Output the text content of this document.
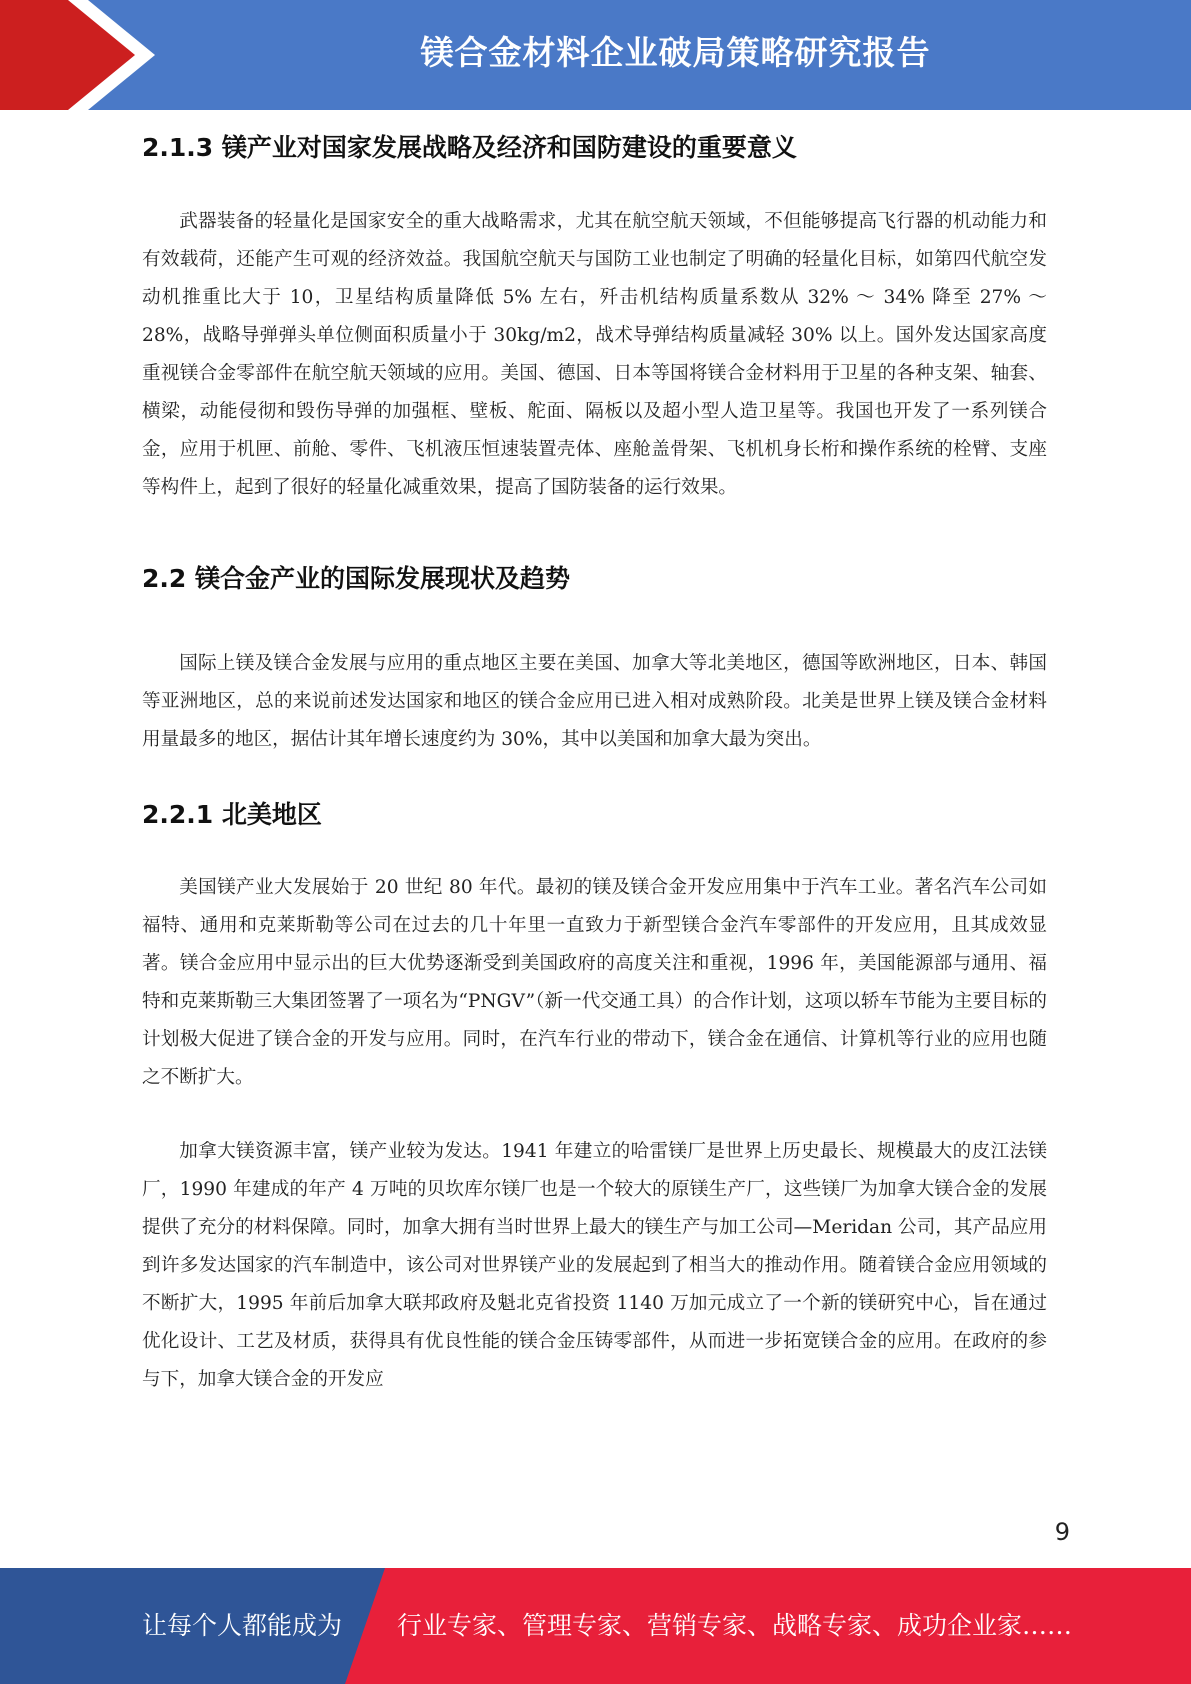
镁合金材料企业破局策略研究报告
2.1.3 镁产业对国家发展战略及经济和国防建设的重要意义

武器装备的轻量化是国家安全的重大战略需求，尤其在航空航天领域，不但能够提高飞行器的机动能力和有效载荷，还能产生可观的经济效益。我国航空航天与国防工业也制定了明确的轻量化目标，如第四代航空发动机推重比大于 10，卫星结构质量降低 5% 左右，歼击机结构质量系数从 32% ～ 34% 降至 27% ～ 28%，战略导弹弹头单位侧面积质量小于 30kg/m2，战术导弹结构质量减轻 30% 以上。国外发达国家高度重视镁合金零部件在航空航天领域的应用。美国、德国、日本等国将镁合金材料用于卫星的各种支架、轴套、横梁，动能侵彻和毁伤导弹的加强框、壁板、舵面、隔板以及超小型人造卫星等。我国也开发了一系列镁合金，应用于机匣、前舱、零件、飞机液压恒速装置壳体、座舱盖骨架、飞机机身长桁和操作系统的栓臂、支座等构件上，起到了很好的轻量化减重效果，提高了国防装备的运行效果。

2.2 镁合金产业的国际发展现状及趋势

国际上镁及镁合金发展与应用的重点地区主要在美国、加拿大等北美地区，德国等欧洲地区，日本、韩国等亚洲地区，总的来说前述发达国家和地区的镁合金应用已进入相对成熟阶段。北美是世界上镁及镁合金材料用量最多的地区，据估计其年增长速度约为 30%，其中以美国和加拿大最为突出。

2.2.1 北美地区

美国镁产业大发展始于 20 世纪 80 年代。最初的镁及镁合金开发应用集中于汽车工业。著名汽车公司如福特、通用和克莱斯勒等公司在过去的几十年里一直致力于新型镁合金汽车零部件的开发应用，且其成效显著。镁合金应用中显示出的巨大优势逐渐受到美国政府的高度关注和重视，1996 年，美国能源部与通用、福特和克莱斯勒三大集团签署了一项名为“PNGV”（新一代交通工具）的合作计划，这项以轿车节能为主要目标的计划极大促进了镁合金的开发与应用。同时，在汽车行业的带动下，镁合金在通信、计算机等行业的应用也随之不断扩大。

加拿大镁资源丰富，镁产业较为发达。1941 年建立的哈雷镁厂是世界上历史最长、规模最大的皮江法镁厂，1990 年建成的年产 4 万吨的贝坎库尔镁厂也是一个较大的原镁生产厂，这些镁厂为加拿大镁合金的发展提供了充分的材料保障。同时，加拿大拥有当时世界上最大的镁生产与加工公司—Meridan 公司，其产品应用到许多发达国家的汽车制造中，该公司对世界镁产业的发展起到了相当大的推动作用。随着镁合金应用领域的不断扩大，1995 年前后加拿大联邦政府及魁北克省投资 1140 万加元成立了一个新的镁研究中心，旨在通过优化设计、工艺及材质，获得具有优良性能的镁合金压铸零部件，从而进一步拓宽镁合金的应用。在政府的参与下，加拿大镁合金的开发应

9
让每个人都能成为 行业专家、管理专家、营销专家、战略专家、成功企业家……
